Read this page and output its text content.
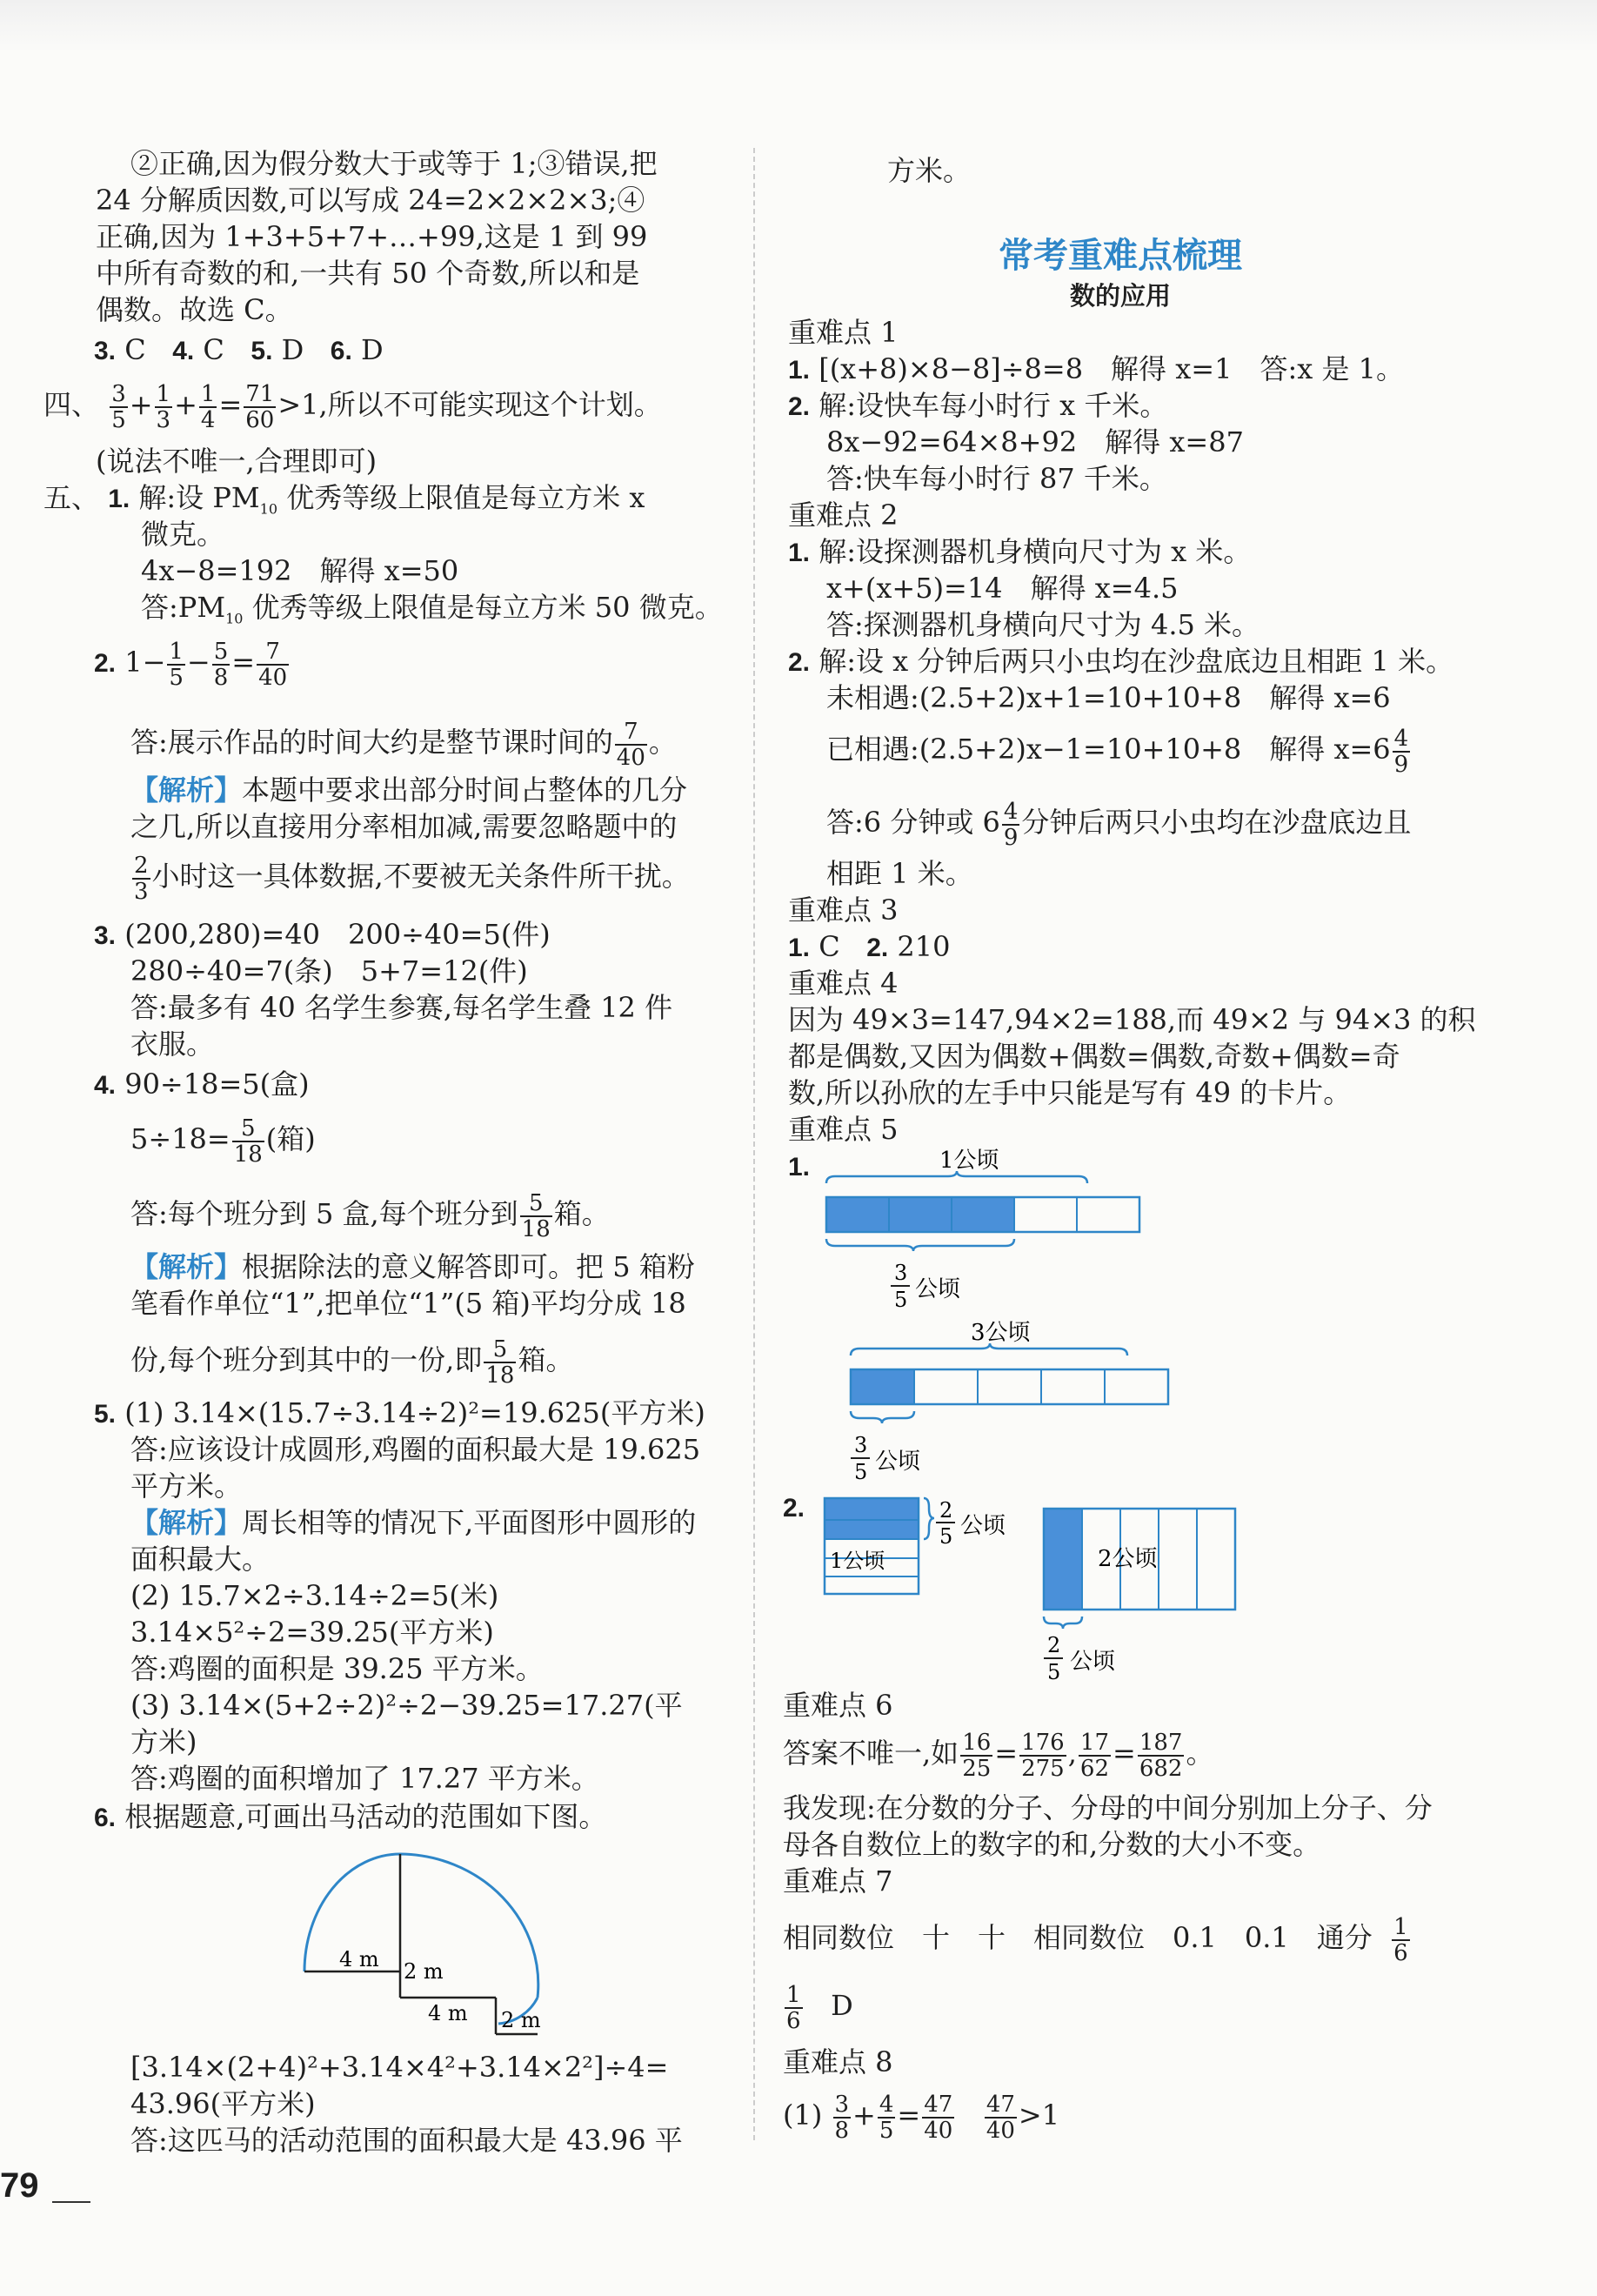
②正确,因为假分数大于或等于 1;③错误,把
24 分解质因数,可以写成 24=2×2×2×3;④
正确,因为 1+3+5+7+…+99,这是 1 到 99
中所有奇数的和,一共有 50 个奇数,所以和是
偶数。故选 C。
3. C 4. C 5. D 6. D
四、 $\frac{3}{5} + \frac{1}{3} + \frac{1}{4} = \frac{71}{60} >1$,所以不可能实现这个计划。
(说法不唯一,合理即可)
五、 1. 解:设 $PM_{10}$ 优秀等级上限值是每立方米 x
微克。
4x−8=192　解得 x=50
答$:PM_{10}$ 优秀等级上限值是每立方米 50 微克。
2. $1- \frac{1}{5} - \frac{5}{8} = \frac{7}{40}$
答:展示作品的时间大约是整节课时间的 $\frac{7}{40}$ 。
【解析】本题中要求出部分时间占整体的几分
之几,所以直接用分率相加减,需要忽略题中的
$\frac{2}{3}$ 小时这一具体数据,不要被无关条件所干扰。
3. (200,280)=40　200÷40=5(件)
280÷40=7(条)　5+7=12(件)
答:最多有 40 名学生参赛,每名学生叠 12 件
衣服。
4. 90÷18=5(盒)
$5\div 18= \frac{5}{18}$ (箱)
答:每个班分到 5 盒,每个班分到 $\frac{5}{18}$ 箱。
【解析】根据除法的意义解答即可。把 5 箱粉
笔看作单位“1”,把单位“1”(5 箱)平均分成 18
份,每个班分到其中的一份,即 $\frac{5}{18}$ 箱。
5. (1) 3.14×(15.7÷3.14÷2)²=19.625(平方米)
答:应该设计成圆形,鸡圈的面积最大是 19.625
平方米。
【解析】周长相等的情况下,平面图形中圆形的
面积最大。
(2) 15.7×2÷3.14÷2=5(米)
3.14×5²÷2=39.25(平方米)
答:鸡圈的面积是 39.25 平方米。
(3) 3.14×(5+2÷2)²÷2−39.25=17.27(平
方米)
答:鸡圈的面积增加了 17.27 平方米。
6. 根据题意,可画出马活动的范围如下图。
4 m 2 m
4 m 2 m
[3.14×(2+4)²+3.14×4²+3.14×2²]÷4=
43.96(平方米)
答:这匹马的活动范围的面积最大是 43.96 平
方米。
常考重难点梳理
数的应用
重难点 1
1. [(x+8)×8−8]÷8=8　解得 x=1　答:x 是 1。
2. 解:设快车每小时行 x 千米。
8x−92=64×8+92　解得 x=87
答:快车每小时行 87 千米。
重难点 2
1. 解:设探测器机身横向尺寸为 x 米。
x+(x+5)=14　解得 x=4.5
答:探测器机身横向尺寸为 4.5 米。
2. 解:设 x 分钟后两只小虫均在沙盘底边且相距 1 米。
未相遇:(2.5+2)x+1=10+10+8　解得 x=6
已相遇:(2.5+2)x−1=10+10+8　解得 $x=6 \frac{4}{9}$
答:6 分钟或 $6 \frac{4}{9}$ 分钟后两只小虫均在沙盘底边且
相距 1 米。
重难点 3
1. C 2. 210
重难点 4
因为 49×3=147,94×2=188,而 49×2 与 94×3 的积
都是偶数,又因为偶数+偶数=偶数,奇数+偶数=奇
数,所以孙欣的左手中只能是写有 49 的卡片。
重难点 5
1.	1公顷
3
5 公顷
3公顷
3
5 公顷
2.	2
5 公顷
1公顷	2公顷
2
5 公顷
重难点 6
答案不唯一,如 $\frac{16}{25} = \frac{176}{275}$ , $\frac{17}{62} = \frac{187}{682}$ 。
我发现:在分数的分子、分母的中间分别加上分子、分
母各自数位上的数字的和,分数的大小不变。
重难点 7
相同数位　十　十　相同数位　0.1　0.1　通分 $\frac{1}{6}$
$\frac{1}{6}$ D
重难点 8
$(1) \frac{3}{8} + \frac{4}{5} = \frac{47}{40}$
$\frac{47}{40} >1$
79
